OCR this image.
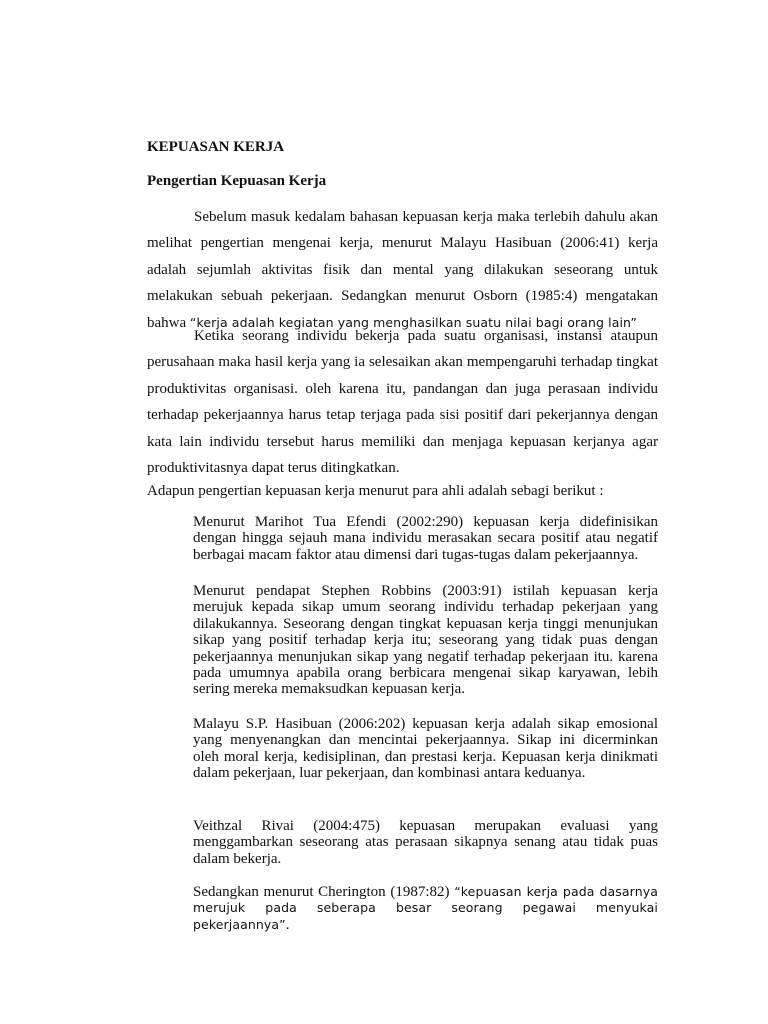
KEPUASAN KERJA
Pengertian Kepuasan Kerja

Sebelum masuk kedalam bahasan kepuasan kerja maka terlebih dahulu akan melihat pengertian mengenai kerja, menurut Malayu Hasibuan (2006:41) kerja adalah sejumlah aktivitas fisik dan mental yang dilakukan seseorang untuk melakukan sebuah pekerjaan. Sedangkan menurut Osborn (1985:4) mengatakan bahwa “kerja adalah kegiatan yang menghasilkan suatu nilai bagi orang lain”

Ketika seorang individu bekerja pada suatu organisasi, instansi ataupun perusahaan maka hasil kerja yang ia selesaikan akan mempengaruhi terhadap tingkat produktivitas organisasi. oleh karena itu, pandangan dan juga perasaan individu terhadap pekerjaannya harus tetap terjaga pada sisi positif dari pekerjannya dengan kata lain individu tersebut harus memiliki dan menjaga kepuasan kerjanya agar produktivitasnya dapat terus ditingkatkan.

Adapun pengertian kepuasan kerja menurut para ahli adalah sebagi berikut :

Menurut Marihot Tua Efendi (2002:290) kepuasan kerja didefinisikan dengan hingga sejauh mana individu merasakan secara positif atau negatif berbagai macam faktor atau dimensi dari tugas-tugas dalam pekerjaannya.

Menurut pendapat Stephen Robbins (2003:91) istilah kepuasan kerja merujuk kepada sikap umum seorang individu terhadap pekerjaan yang dilakukannya. Seseorang dengan tingkat kepuasan kerja tinggi menunjukan sikap yang positif terhadap kerja itu; seseorang yang tidak puas dengan pekerjaannya menunjukan sikap yang negatif terhadap pekerjaan itu. karena pada umumnya apabila orang berbicara mengenai sikap karyawan, lebih sering mereka memaksudkan kepuasan kerja.

Malayu S.P. Hasibuan (2006:202) kepuasan kerja adalah sikap emosional yang menyenangkan dan mencintai pekerjaannya. Sikap ini dicerminkan oleh moral kerja, kedisiplinan, dan prestasi kerja. Kepuasan kerja dinikmati dalam pekerjaan, luar pekerjaan, dan kombinasi antara keduanya.

Veithzal Rivai (2004:475) kepuasan merupakan evaluasi yang menggambarkan seseorang atas perasaan sikapnya senang atau tidak puas dalam bekerja.

Sedangkan menurut Cherington (1987:82) “kepuasan kerja pada dasarnya merujuk pada seberapa besar seorang pegawai menyukai pekerjaannya”.
